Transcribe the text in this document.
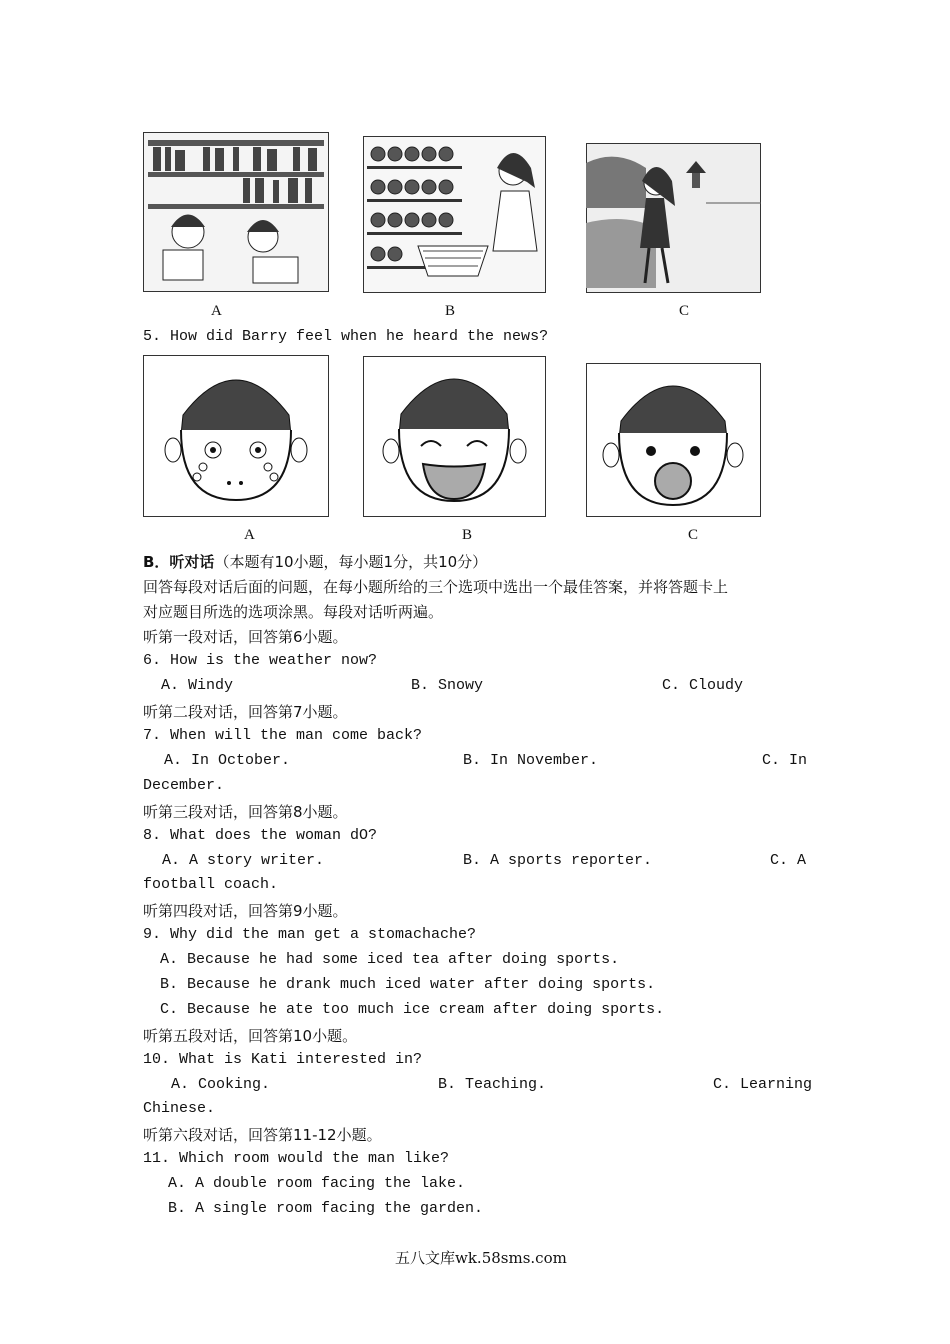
A	B	C
5. How did Barry feel when he heard the news?
A	B	C
B．听对话（本题有10小题，每小题1分，共10分）
回答每段对话后面的问题，在每小题所给的三个选项中选出一个最佳答案，并将答题卡上
对应题目所选的选项涂黑。每段对话听两遍。
听第一段对话，回答第6小题。
6. How is the weather now?
A. Windy	B. Snowy	C. Cloudy
听第二段对话，回答第7小题。
7. When will the man come back?
A. In October.	B. In November.	C. In
December.
听第三段对话，回答第8小题。
8. What does the woman dO?
A. A story writer.	B. A sports reporter.	C. A
football coach.
听第四段对话，回答第9小题。
9. Why did the man get a stomachache?
A. Because he had some iced tea after doing sports.
B. Because he drank much iced water after doing sports.
C. Because he ate too much ice cream after doing sports.
听第五段对话，回答第10小题。
10. What is Kati interested in?
A. Cooking.	B. Teaching.	C. Learning
Chinese.
听第六段对话，回答第11-12小题。
11. Which room would the man like?
A. A double room facing the lake.
B. A single room facing the garden.
五八文库wk.58sms.com
